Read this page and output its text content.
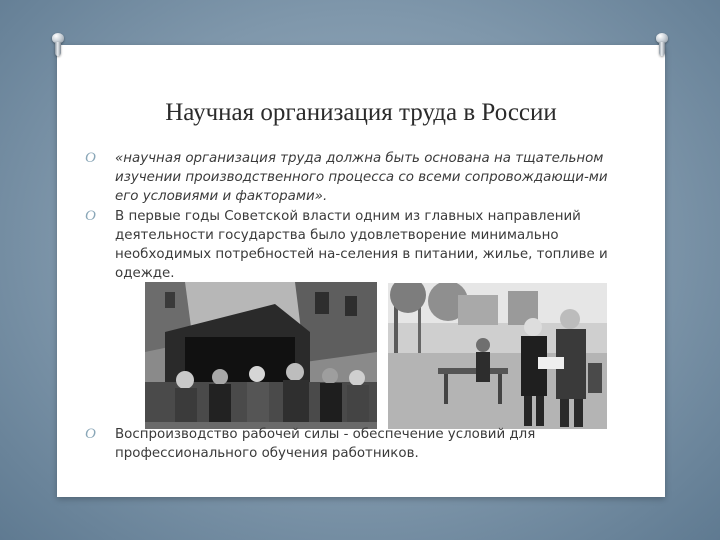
Научная организация труда в России
O «научная организация труда должна быть основана на тщательном изучении производственного процесса со всеми сопровождающи-ми его условиями и факторами».
O В первые годы Советской власти одним из главных направлений деятельности государства было удовлетворение минимально необходимых потребностей на-селения в питании, жилье, топливе и одежде.
O Воспроизводство рабочей силы - обеспечение условий для профессионального обучения работников.
